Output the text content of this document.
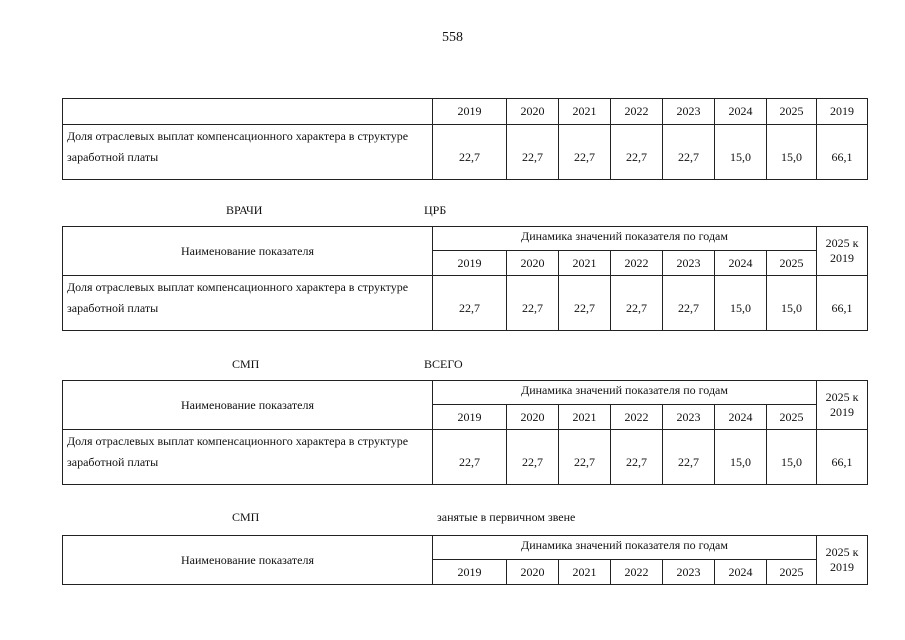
558
	2019	2020	2021	2022	2023	2024	2025	2019

Доля отраслевых выплат компенсационного характера в структуре
заработной платы	22,7	22,7	22,7	22,7	22,7	15,0	15,0	66,1
ВРАЧИ	ЦРБ
Наименование показателя	Динамика значений показателя по годам							2025 к
2019
	2019	2020	2021	2022	2023	2024	2025	

Доля отраслевых выплат компенсационного характера в структуре
заработной платы	22,7	22,7	22,7	22,7	22,7	15,0	15,0	66,1
СМП	ВСЕГО
Наименование показателя	Динамика значений показателя по годам							2025 к
2019
	2019	2020	2021	2022	2023	2024	2025	

Доля отраслевых выплат компенсационного характера в структуре
заработной платы	22,7	22,7	22,7	22,7	22,7	15,0	15,0	66,1
СМП	занятые в первичном звене
Наименование показателя	Динамика значений показателя по годам							2025 к
2019
	2019	2020	2021	2022	2023	2024	2025	
